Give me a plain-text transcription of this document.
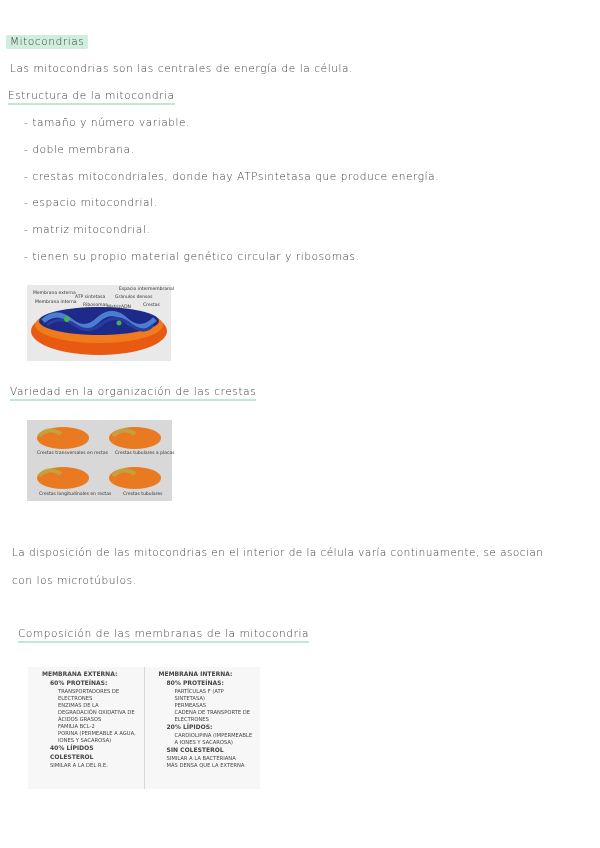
Mitocondrias
Las mitocondrias son las centrales de energía de la célula.
Estructura de la mitocondria
- tamaño y número variable.
- doble membrana.
- crestas mitocondriales, donde hay ATPsintetasa que produce energía.
- espacio mitocondrial.
- matriz mitocondrial.
- tienen su propio material genético circular y ribosomas.
Membrana externa
Membrana interna
ATP sintetasa
Ribosomas
Gránulos densos
Espacio intermembranal
ADN
Matriz	Crestas
Variedad en la organización de las crestas
Crestas transversales en rectas Crestas tubulares a placas
Crestas longitudinales en rectas	Crestas tubulares
La disposición de las mitocondrias en el interior de la célula varía continuamente, se asocian
con los microtúbulos.
Composición de las membranas de la mitocondria
MEMBRANA EXTERNA:
60% PROTEÍNAS:
TRANSPORTADORES DE ELECTRONES
ENZIMAS DE LA DEGRADACIÓN OXIDATIVA DE ÁCIDOS GRASOS
FAMILIA BCL-2
PORINA (PERMEABLE A AGUA, IONES Y SACAROSA)
40% LÍPIDOS
COLESTEROL
SIMILAR A LA DEL R.E.
MEMBRANA INTERNA:
80% PROTEÍNAS:
PARTÍCULAS F (ATP SINTETASA)
PERMEASAS
CADENA DE TRANSPORTE DE ELECTRONES
20% LÍPIDOS:
CARDIOLIPINA (IMPERMEABLE A IONES Y SACAROSA)
SIN COLESTEROL
SIMILAR A LA BACTERIANA
MÁS DENSA QUE LA EXTERNA
